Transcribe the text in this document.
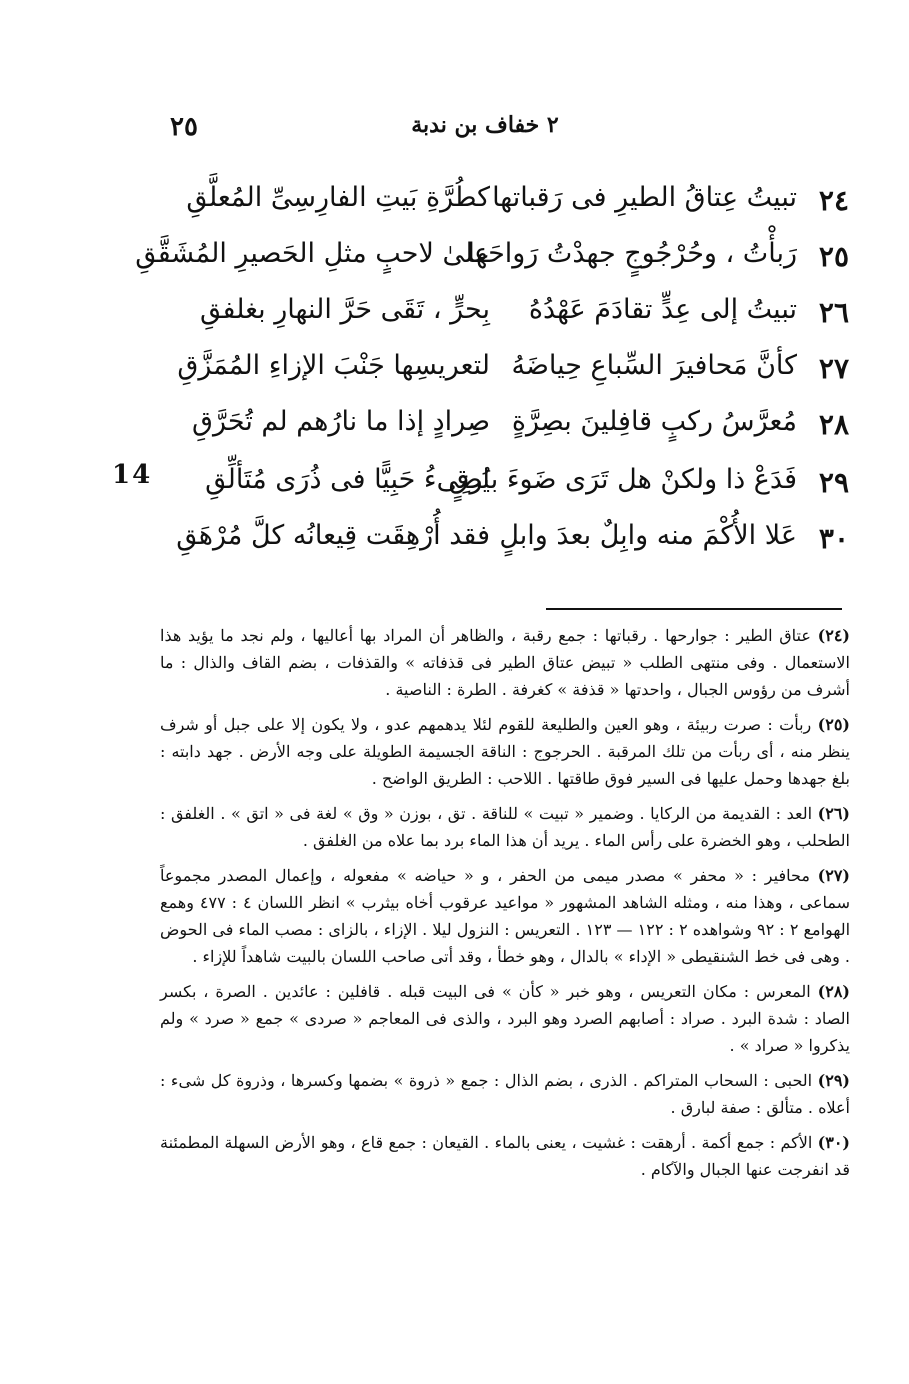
٢٥	٢ خفاف بن ندبة
14
٢٤
تبيتُ عِتاقُ الطيرِ فى رَقباتها
كطُرَّةِ بَيتِ الفارِسِىِّ المُعلَّقِ
٢٥
رَبأْتُ ، وحُرْجُوجٍ جهدْتُ رَواحَها
علىٰ لاحبٍ مثلِ الحَصيرِ المُشَقَّقِ
٢٦
تبيتُ إلى عِدٍّ تقادَمَ عَهْدُهُ
بِحرٍّ ، تَقَى حَرَّ النهارِ بغلفقِ
٢٧
كأنَّ مَحافيرَ السِّباعِ حِياضَهُ
لتعريسِها جَنْبَ الإزاءِ المُمَزَّقِ
٢٨
مُعرَّسُ ركبٍ قافِلينَ بصِرَّةٍ
صِرادٍ إذا ما نارُهم لم تُحَرَّقِ
٢٩
فَدَعْ ذا ولكنْ هل تَرَى ضَوءَ بارقٍ
يُضِىءُ حَبِيًّا فى ذُرَى مُتَألِّقِ
٣٠
عَلا الأُكْمَ منه وابِلٌ بعدَ وابلٍ
فقد أُرْهِقَت قِيعانُه كلَّ مُرْهَقِ

(٢٤) عتاق الطير : جوارحها . رقباتها : جمع رقبة ، والظاهر أن المراد بها أعاليها ، ولم نجد ما يؤيد هذا الاستعمال . وفى منتهى الطلب « تبيض عتاق الطير فى قذفاته » والقذفات ، بضم القاف والذال : ما أشرف من رؤوس الجبال ، واحدتها « قذفة » كغرفة . الطرة : الناصية .

(٢٥) ربأت : صرت ربيئة ، وهو العين والطليعة للقوم لئلا يدهمهم عدو ، ولا يكون إلا على جبل أو شرف ينظر منه ، أى ربأت من تلك المرقبة . الحرجوج : الناقة الجسيمة الطويلة على وجه الأرض . جهد دابته : بلغ جهدها وحمل عليها فى السير فوق طاقتها . اللاحب : الطريق الواضح .

(٢٦) العد : القديمة من الركايا . وضمير « تبيت » للناقة . تق ، بوزن « وق » لغة فى « اتق » . الغلفق : الطحلب ، وهو الخضرة على رأس الماء . يريد أن هذا الماء برد بما علاه من الغلفق .

(٢٧) محافير : « محفر » مصدر ميمى من الحفر ، و « حياضه » مفعوله ، وإعمال المصدر مجموعاً سماعى ، وهذا منه ، ومثله الشاهد المشهور « مواعيد عرقوب أخاه بيثرب » انظر اللسان ٤ : ٤٧٧ وهمع الهوامع ٢ : ٩٢ وشواهده ٢ : ١٢٢ — ١٢٣ . التعريس : النزول ليلا . الإزاء ، بالزاى : مصب الماء فى الحوض . وهى فى خط الشنقيطى « الإداء » بالدال ، وهو خطأ ، وقد أتى صاحب اللسان بالبيت شاهداً للإزاء .

(٢٨) المعرس : مكان التعريس ، وهو خبر « كأن » فى البيت قبله . قافلين : عائدين . الصرة ، بكسر الصاد : شدة البرد . صراد : أصابهم الصرد وهو البرد ، والذى فى المعاجم « صردى » جمع « صرد » ولم يذكروا « صراد » .

(٢٩) الحبى : السحاب المتراكم . الذرى ، بضم الذال : جمع « ذروة » بضمها وكسرها ، وذروة كل شىء : أعلاه . متألق : صفة لبارق .

(٣٠) الأكم : جمع أكمة . أرهقت : غشيت ، يعنى بالماء . القيعان : جمع قاع ، وهو الأرض السهلة المطمئنة قد انفرجت عنها الجبال والآكام .
